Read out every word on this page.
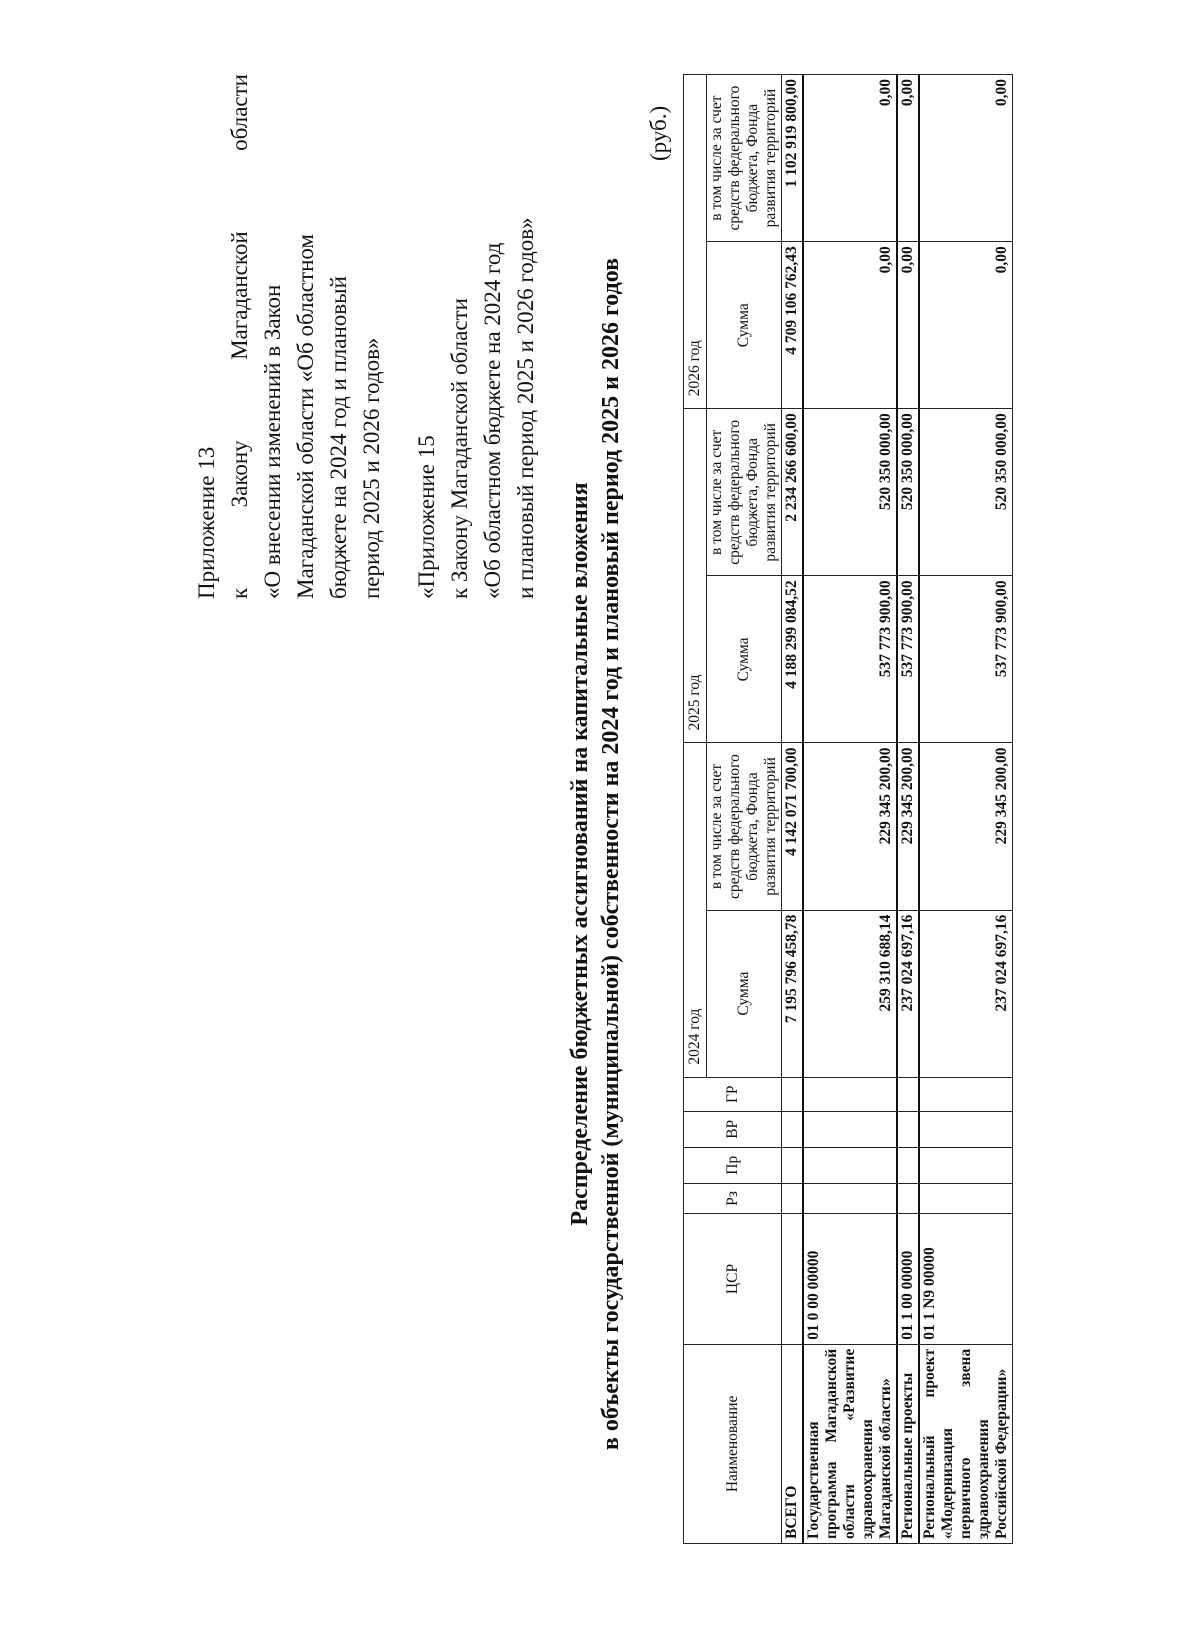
Приложение 13 к
Закону
Магаданской
области
«О внесении изменений в Закон Магаданской области «Об областном бюджете на 2024 год и плановый период 2025 и 2026 годов» «Приложение 15 к Закону Магаданской области «Об областном бюджете на 2024 год и плановый период 2025 и 2026 годов»
Распределение бюджетных ассигнований на капитальные вложения в объекты государственной (муниципальной) собственности на 2024 год и плановый период 2025 и 2026 годов
(руб.)
Наименование	ЦСР	Рз	Пр	ВР	ГР	2024 год		2025 год		2026 год	
						Сумма	в том числе за счет средств федерального бюджета, Фонда развития территорий	Сумма	в том числе за счет средств федерального бюджета, Фонда развития территорий	Сумма	в том числе за счет средств федерального бюджета, Фонда развития территорий
ВСЕГО						7 195 796 458,78	4 142 071 700,00	4 188 299 084,52	2 234 266 600,00	4 709 106 762,43	1 102 919 800,00
Государственная программа Магаданской области «Развитие здравоохранения Магаданской области»	01 0 00 00000					259 310 688,14	229 345 200,00	537 773 900,00	520 350 000,00	0,00	0,00
Региональные проекты	01 1 00 00000					237 024 697,16	229 345 200,00	537 773 900,00	520 350 000,00	0,00	0,00
Региональный проект «Модернизация первичного звена здравоохранения Российской Федерации»	01 1 N9 00000					237 024 697,16	229 345 200,00	537 773 900,00	520 350 000,00	0,00	0,00
